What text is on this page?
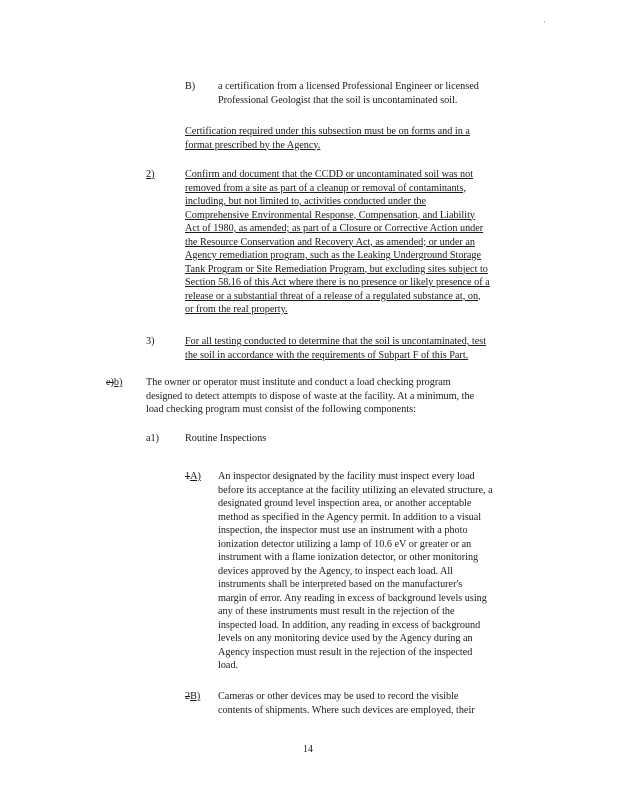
·
B) a certification from a licensed Professional Engineer or licensed
Professional Geologist that the soil is uncontaminated soil.
Certification required under this subsection must be on forms and in a
format prescribed by the Agency.
2)	Confirm and document that the CCDD or uncontaminated soil was not
removed from a site as part of a cleanup or removal of contaminants,
including, but not limited to, activities conducted under the
Comprehensive Environmental Response, Compensation, and Liability
Act of 1980, as amended; as part of a Closure or Corrective Action under
the Resource Conservation and Recovery Act, as amended; or under an
Agency remediation program, such as the Leaking Underground Storage
Tank Program or Site Remediation Program, but excluding sites subject to
Section 58.16 of this Act where there is no presence or likely presence of a
release or a substantial threat of a release of a regulated substance at, on,
or from the real property.
3)	For all testing conducted to determine that the soil is uncontaminated, test
the soil in accordance with the requirements of Subpart F of this Part.
e)b) The owner or operator must institute and conduct a load checking program
designed to detect attempts to dispose of waste at the facility. At a minimum, the
load checking program must consist of the following components:
a1)	Routine Inspections
1A) An inspector designated by the facility must inspect every load
before its acceptance at the facility utilizing an elevated structure, a
designated ground level inspection area, or another acceptable
method as specified in the Agency permit. In addition to a visual
inspection, the inspector must use an instrument with a photo
ionization detector utilizing a lamp of 10.6 eV or greater or an
instrument with a flame ionization detector, or other monitoring
devices approved by the Agency, to inspect each load. All
instruments shall be interpreted based on the manufacturer's
margin of error. Any reading in excess of background levels using
any of these instruments must result in the rejection of the
inspected load. In addition, any reading in excess of background
levels on any monitoring device used by the Agency during an
Agency inspection must result in the rejection of the inspected
load.
2B) Cameras or other devices may be used to record the visible
contents of shipments. Where such devices are employed, their
14
